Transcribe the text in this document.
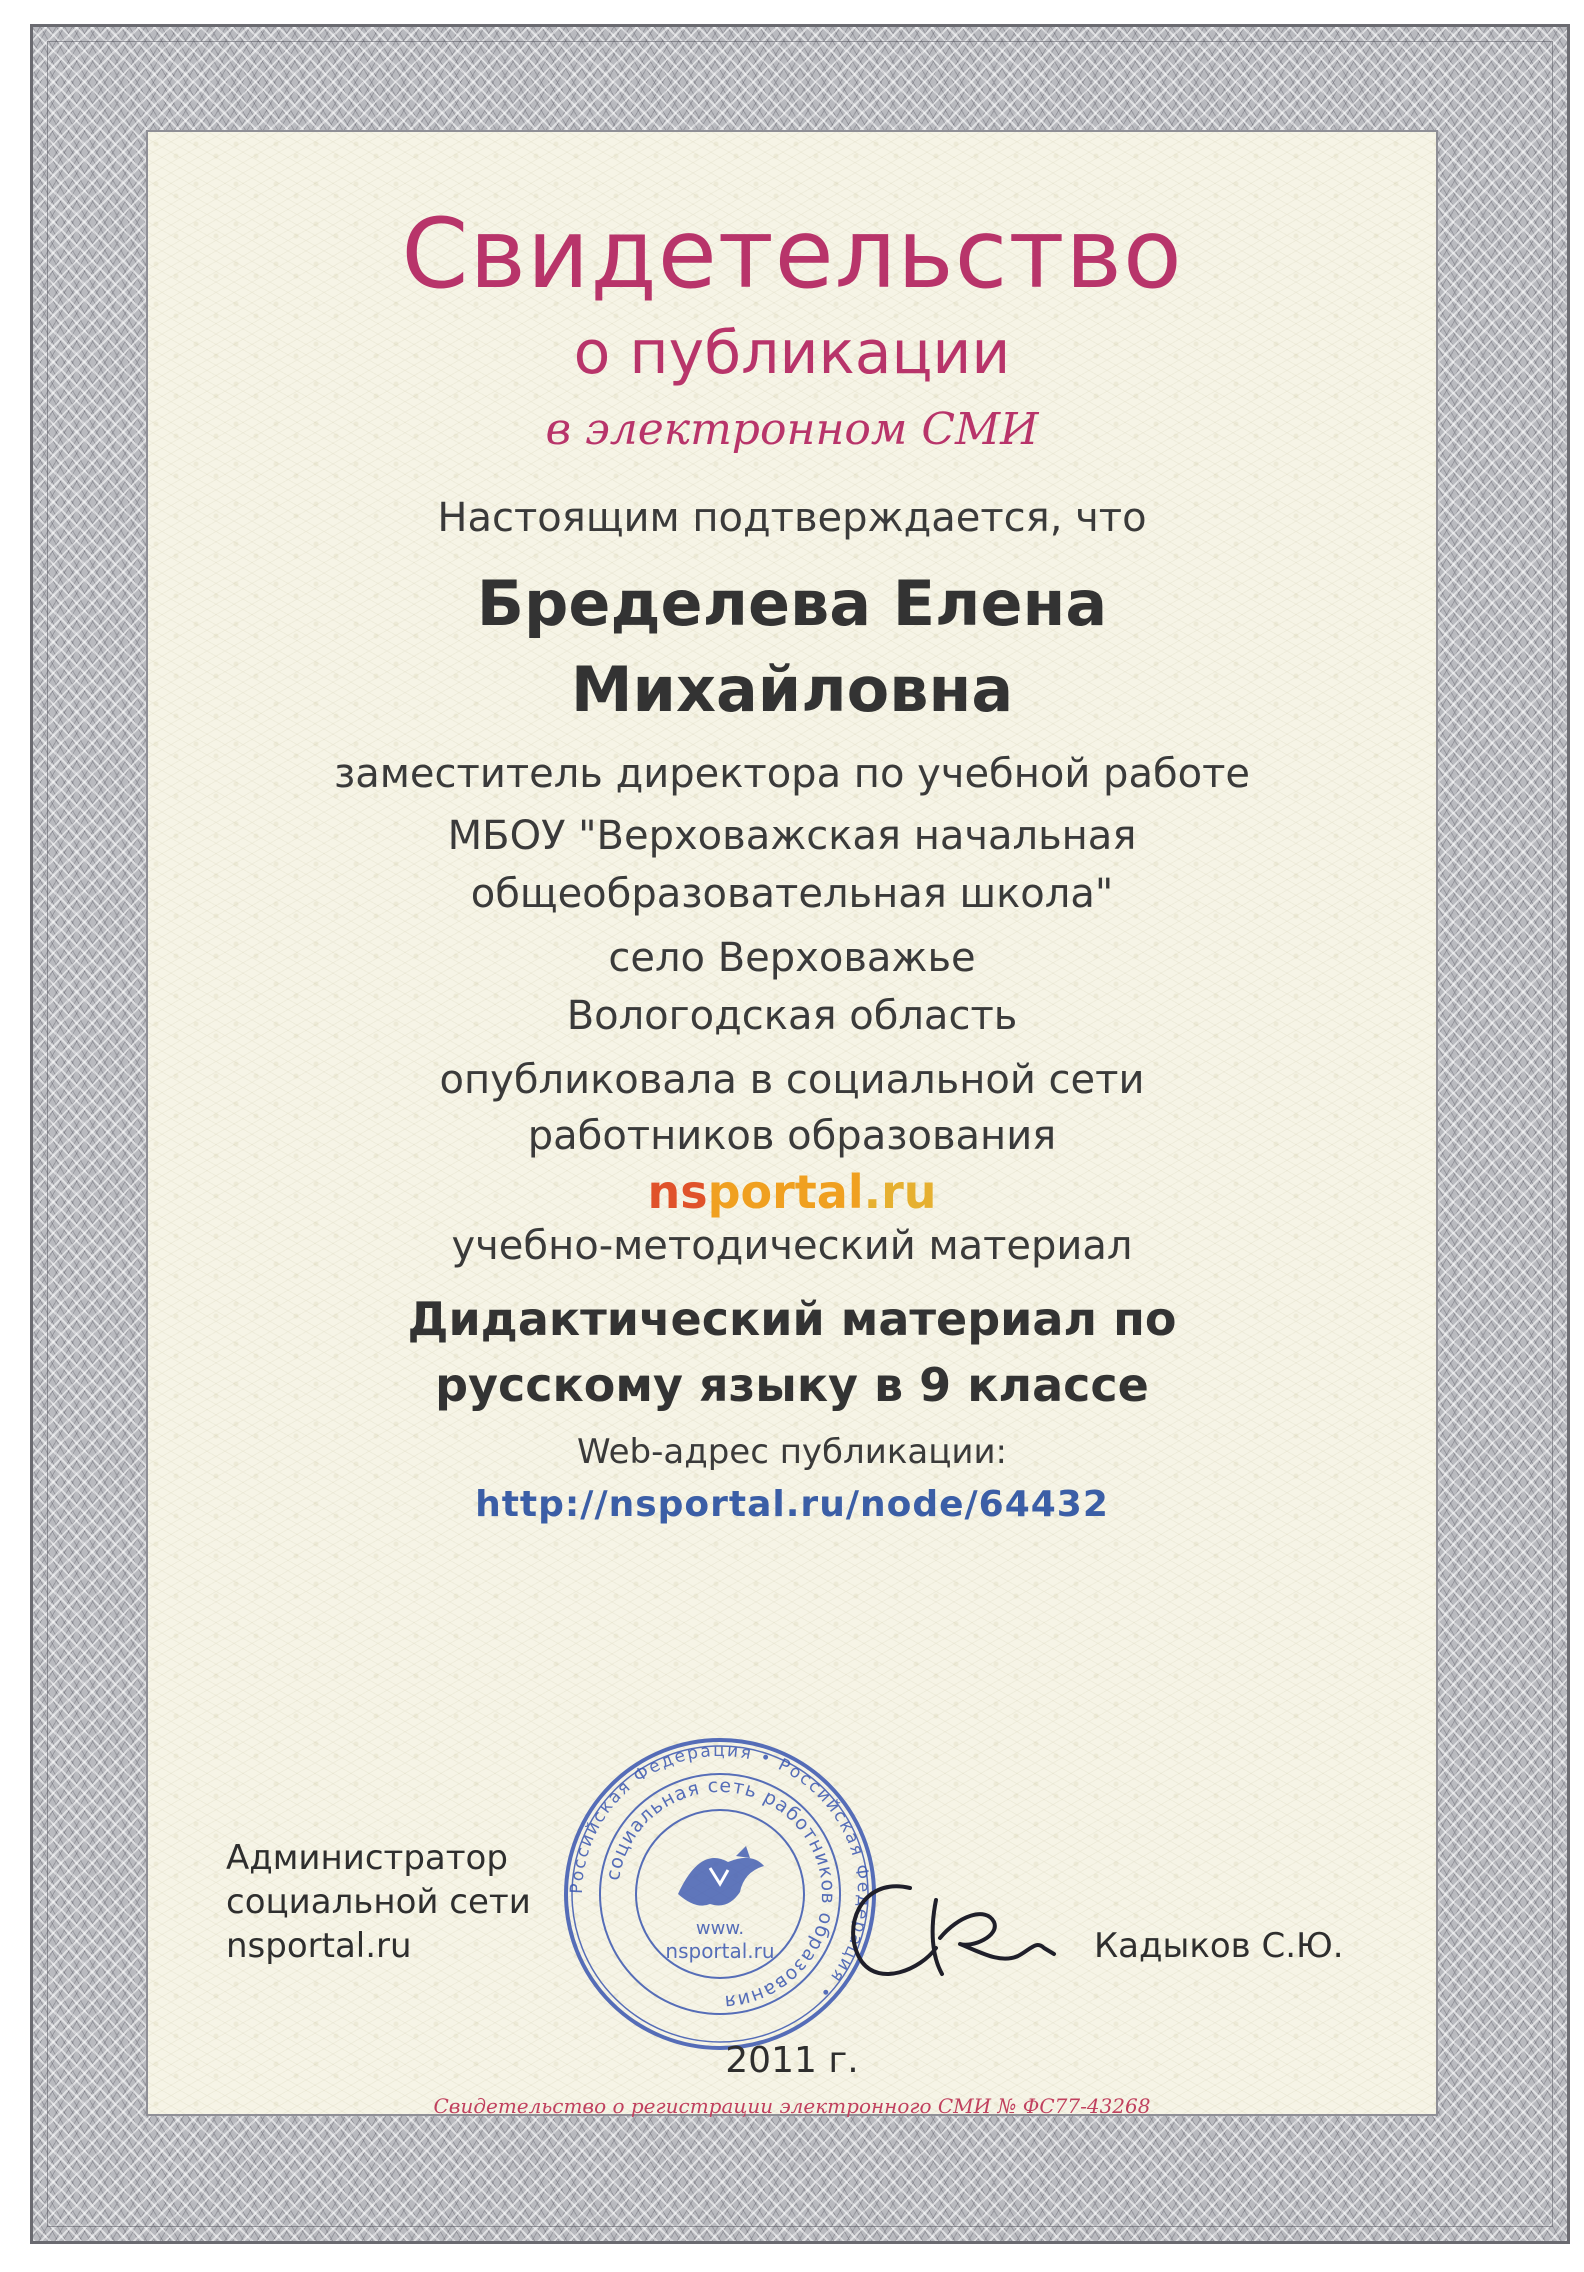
Свидетельство

о публикации

в электронном СМИ

Настоящим подтверждается, что

Бределева Елена

Михайловна

заместитель директора по учебной работе

МБОУ "Верховажская начальная

общеобразовательная школа"

село Верховажье

Вологодская область

опубликовала в социальной сети

работников образования

nsportal.ru

учебно-методический материал

Дидактический материал по

русскому языку в 9 классе

Web-адрес публикации:

http://nsportal.ru/node/64432

Администратор
социальной сети
nsportal.ru
Российская Федерация • Российская Федерация •
социальная сеть работников образования
www.
nsportal.ru	Кадыков С.Ю.

2011 г.

Свидетельство о регистрации электронного СМИ № ФС77-43268
